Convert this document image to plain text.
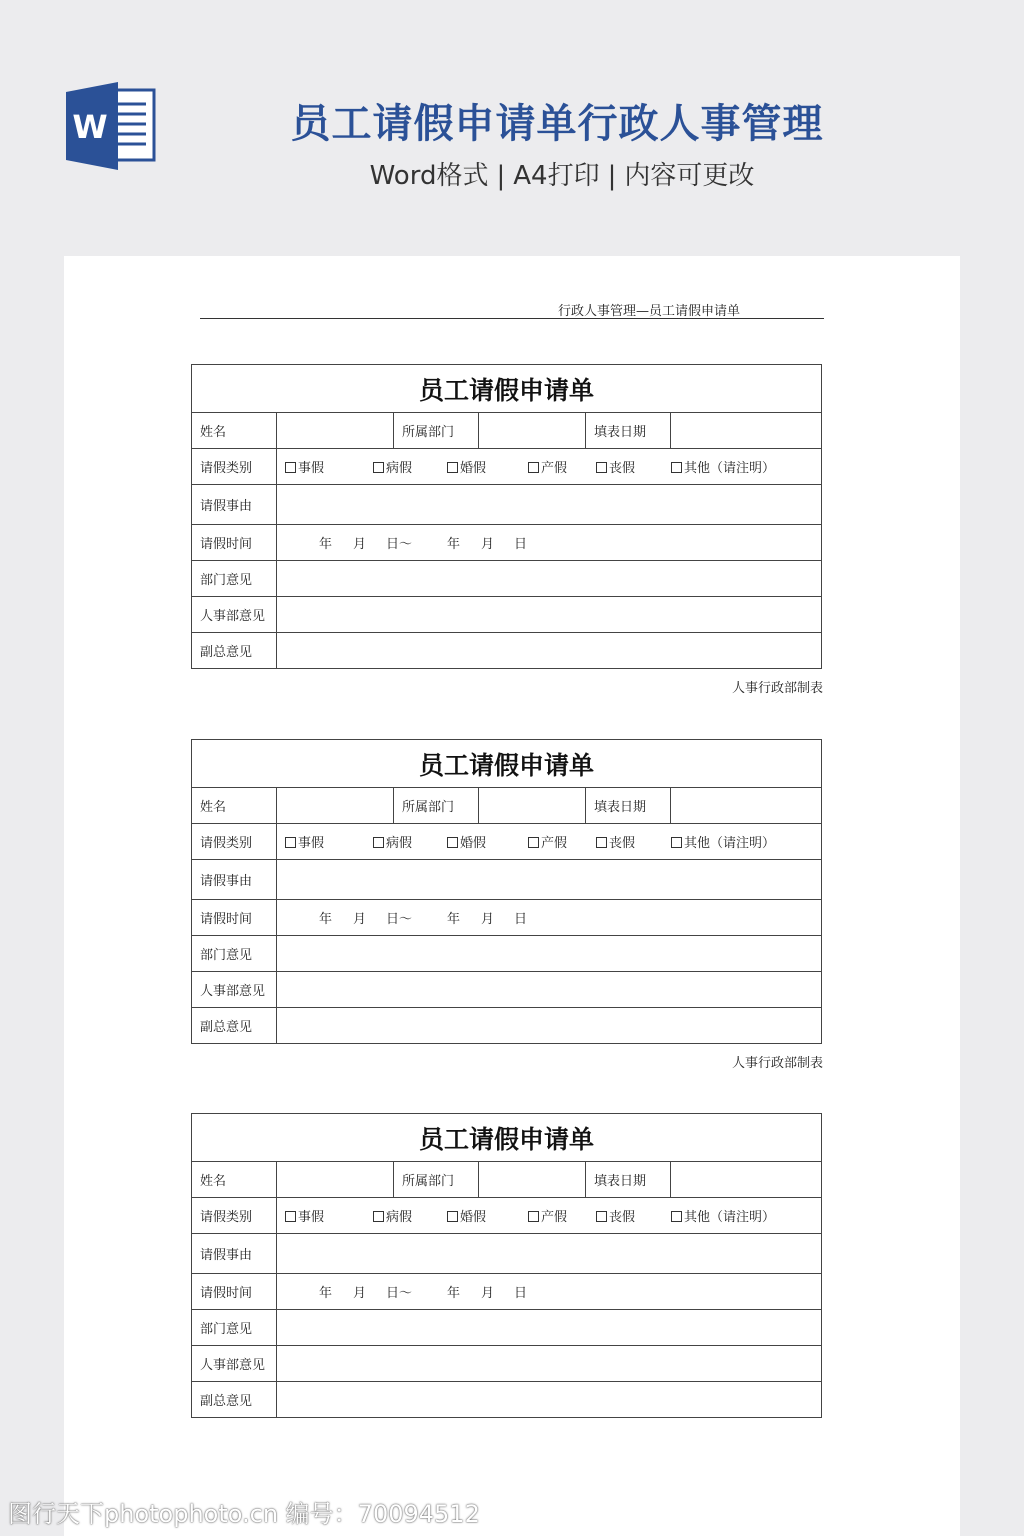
W	员工请假申请单行政人事管理
Word格式 | A4打印 | 内容可更改
行政人事管理—员工请假申请单
员工请假申请单					
姓名		所属部门		填表日期	
请假类别	事假 病假 婚假 产假 丧假 其他（请注明）				
请假事由					
请假时间	年 月 日～ 年 月 日				
部门意见					
人事部意见					
副总意见					
人事行政部制表
员工请假申请单					
姓名		所属部门		填表日期	
请假类别	事假 病假 婚假 产假 丧假 其他（请注明）				
请假事由					
请假时间	年 月 日～ 年 月 日				
部门意见					
人事部意见					
副总意见					
人事行政部制表
员工请假申请单					
姓名		所属部门		填表日期	
请假类别	事假 病假 婚假 产假 丧假 其他（请注明）				
请假事由					
请假时间	年 月 日～ 年 月 日				
部门意见					
人事部意见					
副总意见					
图行天下photophoto.cn 编号：70094512
